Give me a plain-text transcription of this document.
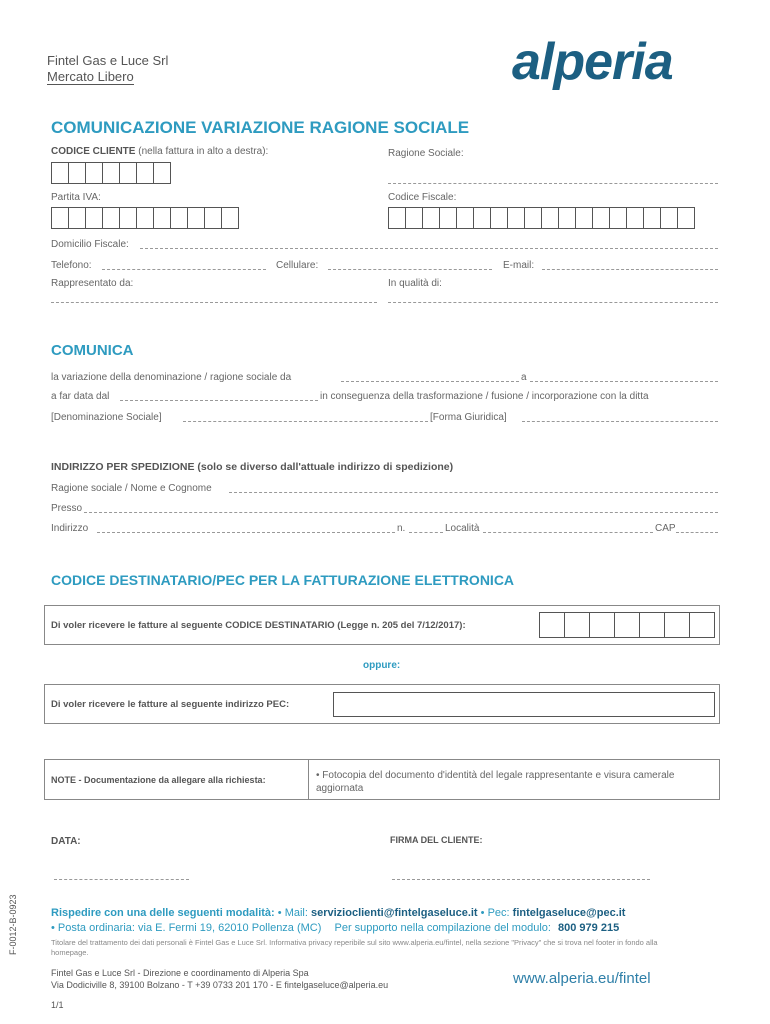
Fintel Gas e Luce Srl
Mercato Libero	alperia
COMUNICAZIONE VARIAZIONE RAGIONE SOCIALE
CODICE CLIENTE (nella fattura in alto a destra):	Ragione Sociale:
Partita IVA:	Codice Fiscale:
Domicilio Fiscale:
Telefono:	Cellulare:	E-mail:
Rappresentato da:	In qualità di:
COMUNICA
la variazione della denominazione / ragione sociale da	a
a far data dal	in conseguenza della trasformazione / fusione / incorporazione con la ditta
[Denominazione Sociale]	[Forma Giuridica]
INDIRIZZO PER SPEDIZIONE (solo se diverso dall'attuale indirizzo di spedizione)
Ragione sociale / Nome e Cognome
Presso
Indirizzo	n.	Località	CAP
CODICE DESTINATARIO/PEC PER LA FATTURAZIONE ELETTRONICA
Di voler ricevere le fatture al seguente CODICE DESTINATARIO (Legge n. 205 del 7/12/2017):
oppure:
Di voler ricevere le fatture al seguente indirizzo PEC:
NOTE - Documentazione da allegare alla richiesta:	• Fotocopia del documento d'identità del legale rappresentante e visura camerale aggiornata
DATA:	FIRMA DEL CLIENTE:
F-0012-B-0923	Rispedire con una delle seguenti modalità: • Mail: servizioclienti@fintelgaseluce.it • Pec: fintelgaseluce@pec.it
• Posta ordinaria: via E. Fermi 19, 62010 Pollenza (MC) Per supporto nella compilazione del modulo: 800 979 215
Titolare del trattamento dei dati personali è Fintel Gas e Luce Srl. Informativa privacy reperibile sul sito www.alperia.eu/fintel, nella sezione "Privacy" che si trova nel footer in fondo alla homepage.
Fintel Gas e Luce Srl - Direzione e coordinamento di Alperia Spa
Via Dodiciville 8, 39100 Bolzano - T +39 0733 201 170 - E fintelgaseluce@alperia.eu	www.alperia.eu/fintel
1/1
